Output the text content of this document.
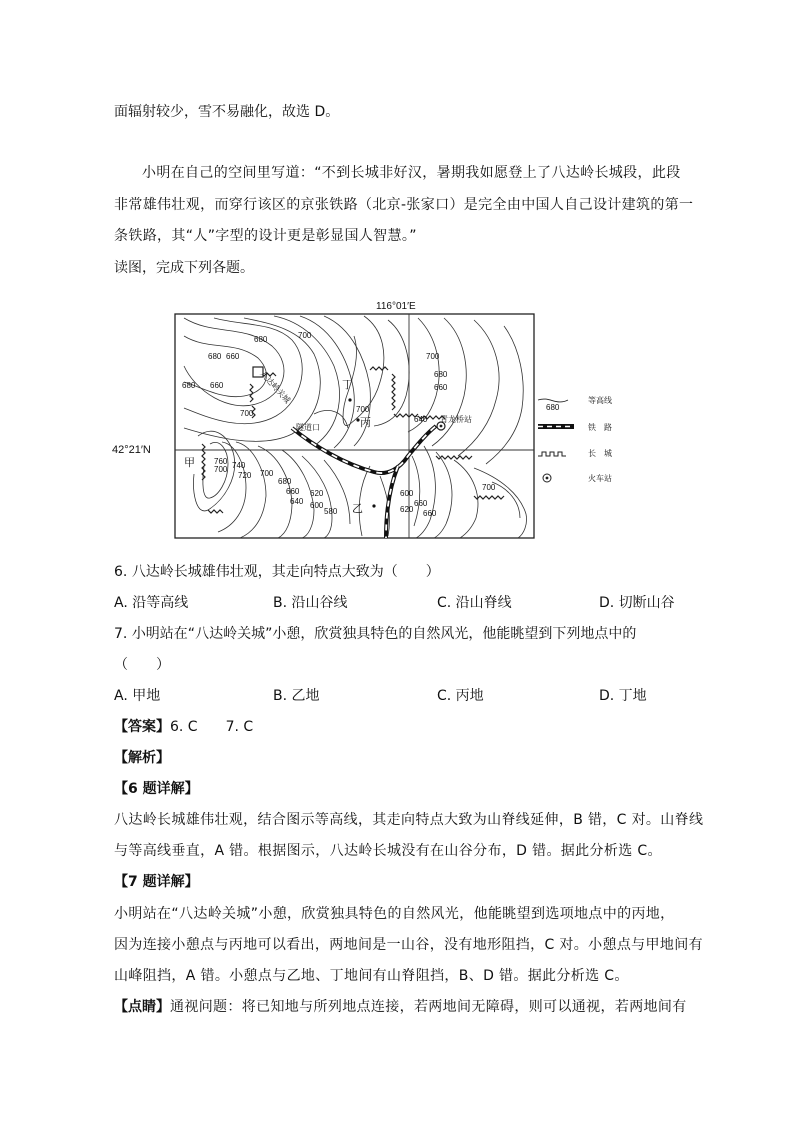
面辐射较少，雪不易融化，故选 D。
小明在自己的空间里写道：“不到长城非好汉，暑期我如愿登上了八达岭长城段，此段
非常雄伟壮观，而穿行该区的京张铁路（北京-张家口）是完全由中国人自己设计建筑的第一
条铁路，其“人”字型的设计更是彰显国人智慧。”
读图，完成下列各题。
680	700
680 660	700
660
680
700
660
680
700
720
740
760
700
680
660
640
620
600
580
700
640
660
620
600
660
700
甲
乙
丙
丁
八达岭关城
隧道口
青龙桥站
116°01′E
680
等高线
铁　路
长　城
火车站
42°21′N
6. 八达岭长城雄伟壮观，其走向特点大致为（　　）
A. 沿等高线	B. 沿山谷线	C. 沿山脊线	D. 切断山谷
7. 小明站在“八达岭关城”小憩，欣赏独具特色的自然风光，他能眺望到下列地点中的
（　　）
A. 甲地	B. 乙地	C. 丙地	D. 丁地
【答案】6. C　　7. C
【解析】
【6 题详解】
八达岭长城雄伟壮观，结合图示等高线，其走向特点大致为山脊线延伸，B 错，C 对。山脊线
与等高线垂直，A 错。根据图示，八达岭长城没有在山谷分布，D 错。据此分析选 C。
【7 题详解】
小明站在“八达岭关城”小憩，欣赏独具特色的自然风光，他能眺望到选项地点中的丙地，
因为连接小憩点与丙地可以看出，两地间是一山谷，没有地形阻挡，C 对。小憩点与甲地间有
山峰阻挡，A 错。小憩点与乙地、丁地间有山脊阻挡，B、D 错。据此分析选 C。
【点睛】通视问题：将已知地与所列地点连接，若两地间无障碍，则可以通视，若两地间有
